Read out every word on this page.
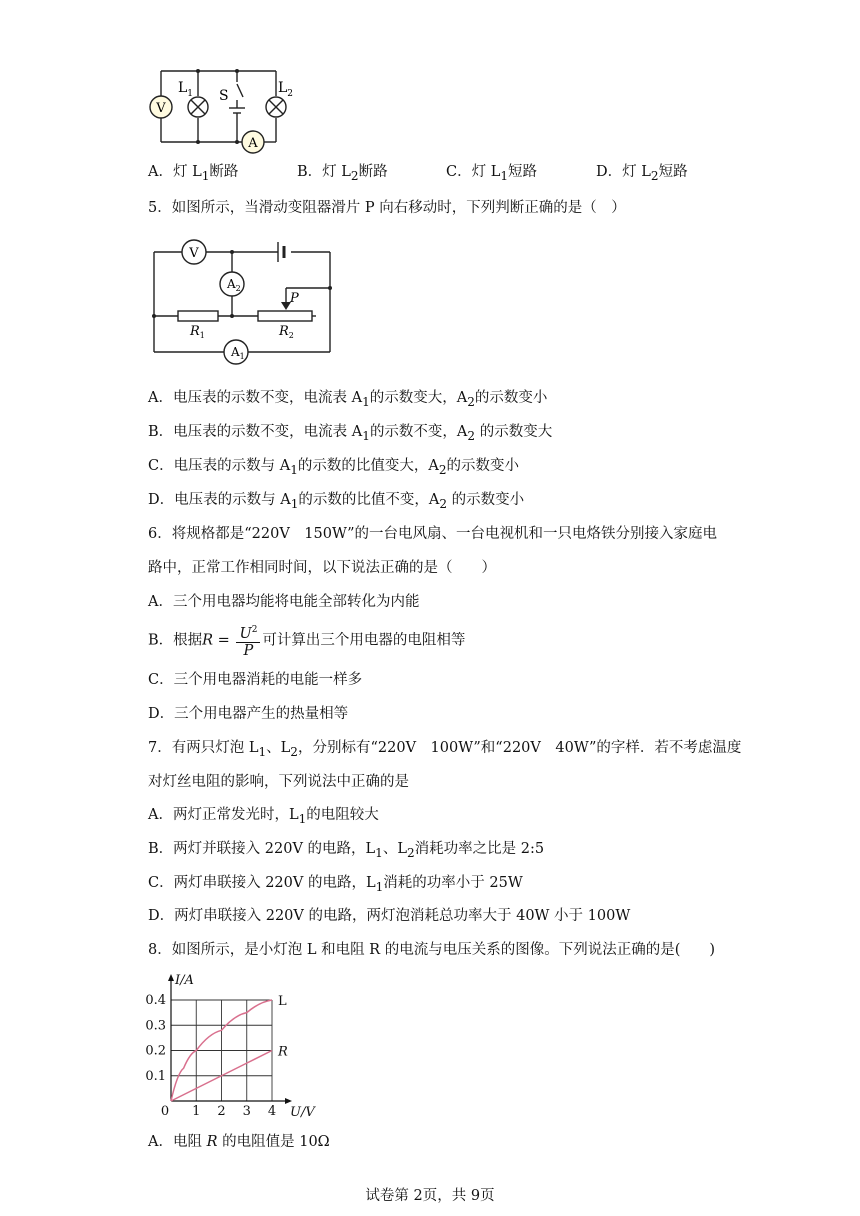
V
$L_1$ S	$L_2$
A
A．灯 $L_1$断路	B．灯 $L_2$断路	C．灯 $L_1$短路	D．灯 $L_2$短路
5．如图所示，当滑动变阻器滑片 P 向右移动时，下列判断正确的是（　）
V
$A_2$
P
$R_1$	$R_2$
$A_1$
A．电压表的示数不变，电流表 $A_1$的示数变大，$A_2$的示数变小
B．电压表的示数不变，电流表 $A_1$的示数不变，$A_2$ 的示数变大
C．电压表的示数与 $A_1$的示数的比值变大，$A_2$的示数变小
D．电压表的示数与 $A_1$的示数的比值不变，$A_2$ 的示数变小
6．将规格都是“220V　150W”的一台电风扇、一台电视机和一只电烙铁分别接入家庭电
路中，正常工作相同时间，以下说法正确的是（　　）
A．三个用电器均能将电能全部转化为内能
B．根据$R = \frac{U^2}{P}$ 可计算出三个用电器的电阻相等
C．三个用电器消耗的电能一样多
D．三个用电器产生的热量相等
7．有两只灯泡 $L_1$、$L_2$，分别标有“220V　100W”和“220V　40W”的字样．若不考虑温度
对灯丝电阻的影响，下列说法中正确的是
A．两灯正常发光时，$L_1$的电阻较大
B．两灯并联接入 220V 的电路，$L_1$、$L_2$消耗功率之比是 2:5
C．两灯串联接入 220V 的电路，$L_1$消耗的功率小于 25W
D．两灯串联接入 220V 的电路，两灯泡消耗总功率大于 40W 小于 100W
8．如图所示，是小灯泡 L 和电阻 R 的电流与电压关系的图像。下列说法正确的是(　　)
0 1 2 3 4
0.1
0.2
0.3
0.4
I/A
U/V
L
R
A．电阻 R 的电阻值是 10Ω
试卷第 2页，共 9页
